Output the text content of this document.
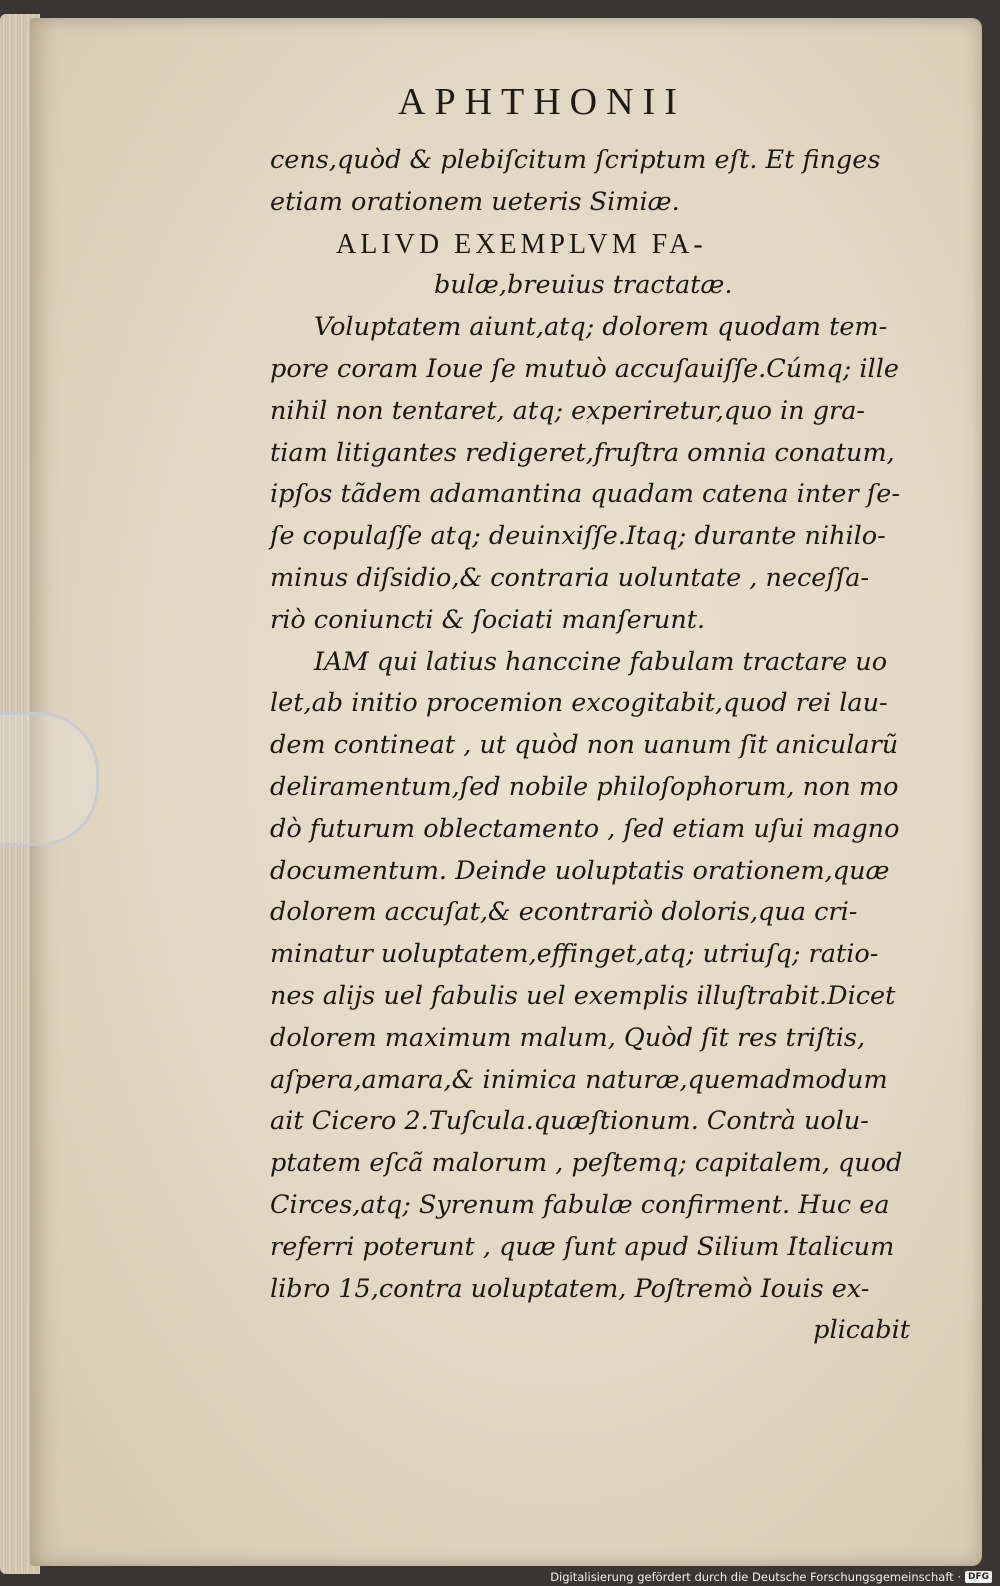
APHTHONII
cens,quòd & plebiſcitum ſcriptum eſt. Et finges
etiam orationem ueteris Simiæ.
ALIVD EXEMPLVM FA-
bulæ,breuius tractatæ.
Voluptatem aiunt,atq; dolorem quodam tem-
pore coram Ioue ſe mutuò accuſauiſſe.Cúmq; ille
nihil non tentaret, atq; experiretur,quo in gra-
tiam litigantes redigeret,fruſtra omnia conatum,
ipſos tãdem adamantina quadam catena inter ſe-
ſe copulaſſe atq; deuinxiſſe.Itaq; durante nihilo-
minus diſsidio,& contraria uoluntate , neceſſa-
riò coniuncti & ſociati manſerunt.
IAM qui latius hanccine fabulam tractare uo
let,ab initio procemion excogitabit,quod rei lau-
dem contineat , ut quòd non uanum ſit anicularũ
deliramentum,ſed nobile philoſophorum, non mo
dò futurum oblectamento , ſed etiam uſui magno
documentum. Deinde uoluptatis orationem,quæ
dolorem accuſat,& econtrariò doloris,qua cri-
minatur uoluptatem,effinget,atq; utriuſq; ratio-
nes alijs uel fabulis uel exemplis illuſtrabit.Dicet
dolorem maximum malum, Quòd ſit res triſtis,
aſpera,amara,& inimica naturæ,quemadmodum
ait Cicero 2.Tuſcula.quæſtionum. Contrà uolu-
ptatem eſcã malorum , peſtemq; capitalem, quod
Circes,atq; Syrenum fabulæ confirment. Huc ea
referri poterunt , quæ ſunt apud Silium Italicum
libro 15,contra uoluptatem, Poſtremò Iouis ex-
plicabit
Digitalisierung gefördert durch die Deutsche Forschungsgemeinschaft · DFG
